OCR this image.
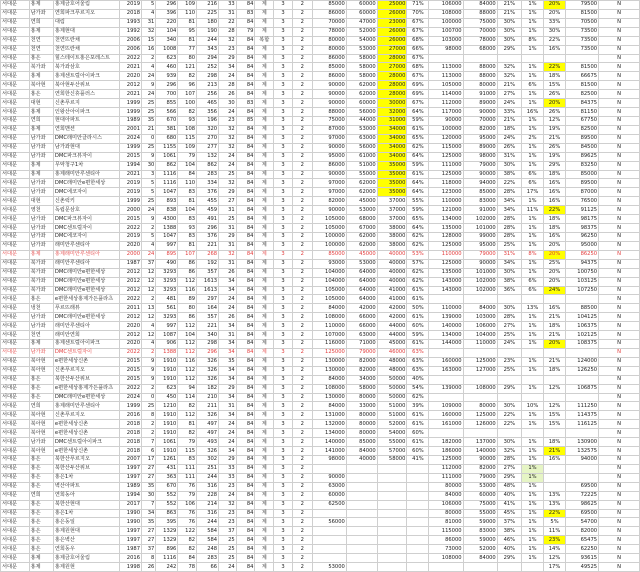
서대문	홍제	홍제금호어울림	2019	5	296	109	216	33	84	계	3	2	85000	60000	25000	71%	106000	84000	21%	1%	20%	79500	N
서대문	남가좌	연희파크푸르지오	2018	4	396	110	225	31	83	계	3	2	86000	60000	26000	70%	108000	88000	21%	1%	20%	81500	N
서대문	연희	대림	1993	31	220	81	180	22	84	계	3	2	70000	47000	23000	67%	100000	75000	30%	1%	33%	70500	N
서대문	홍제	홍제현대	1992	32	104	95	190	28	79	계	3	2	78000	52000	26000	67%	100700	70000	30%	1%	30%	73500	N
서대문	천연	천연뜨란채	2006	15	340	81	244	32	84	복합	3	2	80000	54000	26000	68%	103000	78000	30%	8%	22%	73500	N
서대문	천연	천연뜨란채	2006	16	1008	77	343	23	84	계	3	2	80000	53000	27000	66%	98000	68000	29%	1%	16%	73500	N
서대문	홍은	힐스테이트홍은포레스트	2022	2	623	80	294	29	84	계	3	2	86000	58000	28000	67%							N
서대문	북가좌	북가좌삼호	2021	4	460	121	252	34	84	계	3	2	85000	58000	27000	68%	113000	88000	32%	1%	22%	81500	N
서대문	홍제	홍제센트럴아이파크	2020	24	939	82	298	24	84	계	3	2	86000	58000	28000	67%	113000	88000	32%	1%	18%	66675	N
서대문	북아현	북아현두산위브	2012	9	296	96	213	28	84	계	3	2	90000	62000	28000	69%	105000	80000	21%	6%	15%	81500	N
서대문	홍은	연희한신휴플러스	2021	24	700	107	256	26	84	계	3	2	90000	62000	28000	69%	114000	91000	27%	1%	26%	82500	N
서대문	대현	신촌푸르지	1999	25	855	100	465	30	83	계	3	2	90000	60000	30000	67%	112000	89000	24%	1%	20%	84375	N
서대문	홍제	인왕산아이파크	1999	25	566	82	356	24	84	계	3	2	88000	56000	32000	64%	117000	90000	33%	16%	26%	81150	N
서대문	연희	현대아파트	1989	35	670	93	196	23	85	계	3	2	75000	44000	31000	59%	90000	70000	21%	1%	12%	67750	N
서대문	홍제	연희맨션	2001	21	381	108	320	32	84	계	3	2	87000	53000	34000	61%	100000	82000	18%	1%	19%	82500	N
서대문	남가좌	DMC래미안클라시스	2024	0	680	115	270	32	84	계	3	2	97000	63000	34000	65%	120000	95000	24%	2%	21%	89500	N
서대문	남가좌	남가좌현대	1999	25	1155	109	277	32	84	계	3	2	90000	56000	34000	62%	115000	89000	26%	1%	26%	84500	N
서대문	남가좌	DMC파크뷰자이	2015	9	1061	79	132	24	84	계	3	2	95000	61000	34000	64%	125000	98000	31%	1%	19%	89625	N
서대문	홍제	무악청구1차	1994	30	862	104	862	24	84	계	3	2	86000	51000	35000	59%	111000	79000	30%	1%	29%	83250	N
서대문	홍제	홍제래미안루센티아	2021	3	1116	84	283	25	84	계	3	2	90000	55000	35000	61%	125000	90000	38%	6%	18%	85000	N
서대문	남가좌	DMC래미안e편한세상	2019	5	1116	110	334	32	84	계	3	2	97000	62000	35000	64%	118000	94000	22%	6%	16%	89500	N
서대문	남가좌	DMC에코자이	2019	5	1047	83	376	29	84	계	3	2	97000	62000	35000	64%	123000	85000	28%	17%	16%	87000	N
서대문	대현	신촌럭키	1999	25	893	81	455	27	84	계	3	2	82000	45000	37000	55%	110000	83000	34%	1%	16%	76500	N
서대문	영천	독립문삼호	2000	24	838	104	459	31	84	계	3	2	90000	53000	37000	59%	121000	91000	34%	11%	22%	91125	N
서대문	남가좌	DMC파크뷰자이	2015	9	4300	83	491	25	84	계	3	2	105000	68000	37000	65%	134000	102000	28%	1%	18%	98175	N
서대문	남가좌	DMC센트럴자이	2022	2	1388	93	296	31	84	계	3	2	105000	67000	38000	64%	135000	101000	28%	1%	18%	98375	N
서대문	남가좌	DMC에코자이	2019	5	1047	83	376	29	84	계	3	2	100000	62000	38000	62%	128000	99000	28%	1%	16%	96250	N
서대문	남가좌	래미안루센티아	2020	4	997	81	221	31	84	계	3	2	100000	62000	38000	62%	125000	95000	25%	1%	20%	95000	N
서대문	홍제	홍제래미안루센티아	2000	24	895	107	268	32	84	계	3	2	85000	45000	40000	53%	110000	79000	31%	8%	20%	86250	N
서대문	북가좌	래미안루센티아	1987	37	490	86	192	31	84	계	3	2	93000	53000	40000	57%	125000	90000	34%	1%	25%	94375	N
서대문	북가좌	DMC래미안e편한세상	2012	12	3293	86	357	26	84	계	3	2	104000	64000	40000	62%	135000	101000	30%	1%	20%	100750	N
서대문	북가좌	DMC래미안e편한세상	2012	12	3293	112	1613	34	84	계	3	2	104000	64000	40000	62%	143000	102000	38%	6%	20%	103125	N
서대문	북가좌	DMC래미안e편한세상	2012	12	3293	116	1613	34	84	계	3	2	105000	64000	41000	61%	143000	102000	36%	6%	24%	107250	N
서대문	홍은	e편한세상홍제가든플라츠	2022	2	481	89	297	24	84	계	3	2	105000	64000	41000	61%							N
서대문	냉천	푸르뜨래뷰	2011	13	561	80	164	24	84	계	3	2	84000	42000	42000	50%	110000	84000	30%	13%	16%	88500	N
서대문	남가좌	DMC래미안e편한세상	2012	12	3293	86	357	26	84	계	3	2	108000	66000	42000	61%	139000	103000	28%	1%	21%	104125	N
서대문	남가좌	래미안루센티아	2020	4	997	112	221	34	84	계	3	2	110000	66000	44000	60%	140000	106000	27%	1%	18%	106375	N
서대문	천연	래미안연희	2012	12	1087	104	340	31	84	계	3	2	107000	63000	44000	59%	134000	104000	25%	1%	21%	102125	N
서대문	홍제	홍제센트럴아이파크	2020	4	906	112	298	34	84	계	3	2	116000	71000	45000	61%	144000	110000	24%	1%	20%	108375	N
서대문	남가좌	DMC센트럴자이	2022	2	1388	112	296	34	84	계	3	2	125000	79000	46000	63%							N
서대문	북아현	e편한세상신촌	2015	9	1910	116	326	35	84	계	3	2	130000	82000	48000	63%	160000	125000	23%	1%	21%	124000	N
서대문	북아현	신촌푸르지오	2015	9	1910	112	326	34	84	계	3	2	130000	82000	48000	63%	163000	127000	25%	1%	18%	126250	N
서대문	홍은	북한산두산위브	2015	9	1910	112	326	34	84	계	3	2	84000	34000	50000	40%							N
서대문	홍은	e편한세상홍제가든플라츠	2022	2	623	94	182	29	84	계	3	2	108000	58000	50000	54%	139000	108000	29%	1%	12%	106875	N
서대문	홍은	DMC래미안e편한세상	2024	0	450	114	210	34	84	계	3	2	130000	80000	50000	62%							N
서대문	연희	홍제래미안루센티아	1999	25	1210	82	211	31	84	계	3	2	84000	33000	51000	39%	109000	80000	30%	10%	12%	111250	N
서대문	북아현	신촌푸르지오	2016	8	1910	112	326	34	84	계	3	2	131000	80000	51000	61%	160000	125000	22%	1%	15%	114375	N
서대문	북아현	e편한세상신촌	2018	2	1910	81	497	24	84	계	3	2	132000	80000	52000	61%	161000	126000	22%	1%	15%	116125	N
서대문	북아현	e편한세상신촌	2018	2	1910	82	497	24	84	계	3	2	134000	80000	54000	60%							N
서대문	남가좌	DMC센트럴아이파크	2018	7	1061	79	493	24	84	계	3	2	140000	85000	55000	61%	182000	137000	30%	1%	18%	130900	N
서대문	북아현	e편한세상신촌	2018	6	1910	115	326	34	84	계	3	2	141000	84000	57000	60%	186000	140000	32%	1%	21%	132575	N
서대문	홍은	북한산푸르지오	2007	17	1261	83	302	29	84	계	3	2	98000	40000	58000	41%	125000	90000	28%	1%	16%	94000	N
서대문	홍은	북한산두산위브	1997	27	431	111	251	33	84	계	3	2					112000	82000	27%	1%			N
서대문	홍은	홍은1차	1997	27	363	111	244	33	84	계	3	2	90000				111000	79000	29%	1%			N
서대문	홍은	벽산아파트	1989	35	670	76	316	23	84	계	3	2	63000				80000	53000	48%	1%		69500	N
서대문	연희	연희동아	1994	30	552	79	228	24	84	계	3	2	60000				84000	60000	40%	1%	13%	72225	N
서대문	홍은	북한산현대	2017	7	552	106	214	32	84	계	3	2	62500				106000	75000	41%	1%	13%	98625	N
서대문	홍은	홍은1차	1990	34	863	76	316	23	84	계	3	2					80000	55000	45%	1%	22%	69500	N
서대문	홍은	홍은동일	1990	35	395	76	244	23	84	계	3	2	56000				81000	59000	37%	1%	5%	54700	N
서대문	홍은	홍제원현대	1997	27	1329	122	584	37	84	계	3	2					115000	83000	38%	1%	11%	82000	N
서대문	홍은	홍은벽산	1997	27	1329	82	584	25	84	계	3	2					86000	59000	46%	1%	23%	65475	N
서대문	홍은	연희동우	1987	37	896	82	248	25	84	계	3	2					73000	52000	40%	1%	14%	62250	N
서대문	홍제	홍제금호어울림	2016	8	1116	84	283	25	84	계	3	2					108000	84000	29%	1%	12%	93615	N
서대문	홍제	홍제원현	1998	26	242	78	66	24	84	계	3	2	53000								17%	49525	N
